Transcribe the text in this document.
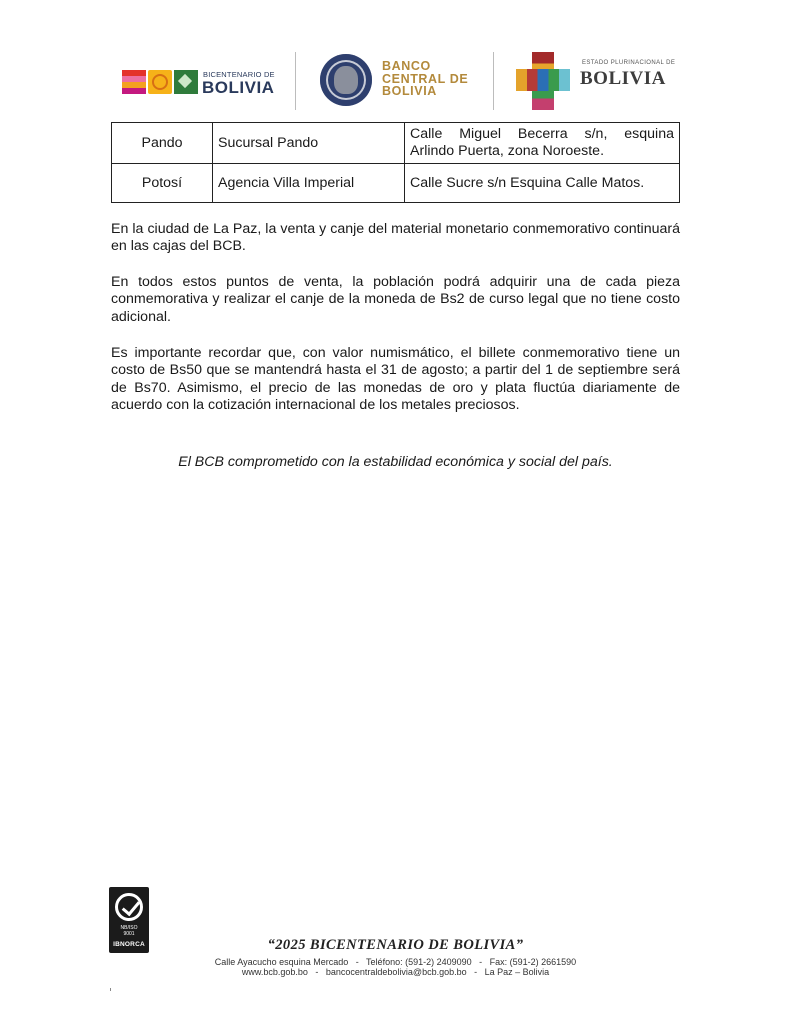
BICENTENARIO DE
BOLIVIA
BANCO
CENTRAL DE
BOLIVIA
ESTADO PLURINACIONAL DE
BOLIVIA
Pando	Sucursal Pando	Calle Miguel Becerra s/n, esquina
Arlindo Puerta, zona Noroeste.

Potosí	Agencia Villa Imperial	Calle Sucre s/n Esquina Calle Matos.

En la ciudad de La Paz, la venta y canje del material monetario conmemorativo continuará en las cajas del BCB.

En todos estos puntos de venta, la población podrá adquirir una de cada pieza conmemorativa y realizar el canje de la moneda de Bs2 de curso legal que no tiene costo adicional.

Es importante recordar que, con valor numismático, el billete conmemorativo tiene un costo de Bs50 que se mantendrá hasta el 31 de agosto; a partir del 1 de septiembre será de Bs70. Asimismo, el precio de las monedas de oro y plata fluctúa diariamente de acuerdo con la cotización internacional de los metales preciosos.

El BCB comprometido con la estabilidad económica y social del país.
NB/ISO
9001
IBNORCA	“2025 BICENTENARIO DE BOLIVIA”
Calle Ayacucho esquina Mercado   -   Teléfono: (591-2) 2409090   -   Fax: (591-2) 2661590
www.bcb.gob.bo   -   bancocentraldebolivia@bcb.gob.bo   -   La Paz – Bolivia
